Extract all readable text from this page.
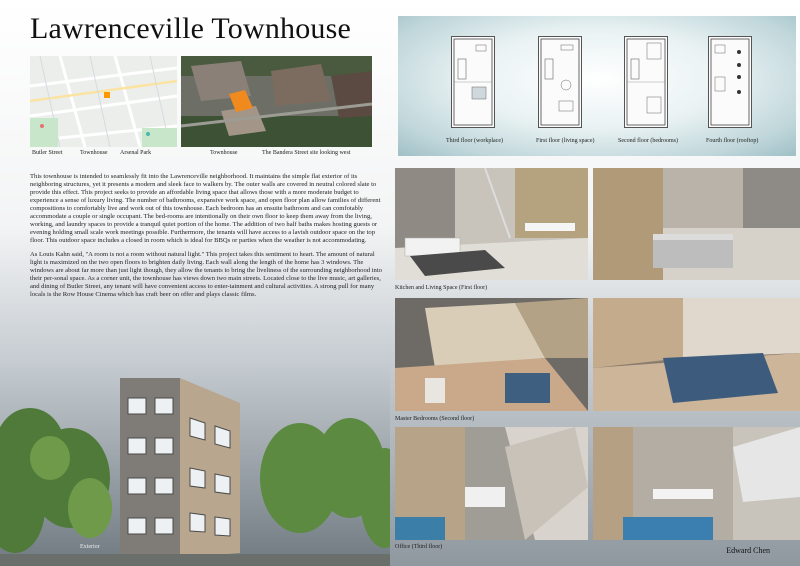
Lawrenceville Townhouse
Butler Street	Townhouse Arsenal Park	Townhouse	The Bandera Street site looking west
Third floor (workplace)	First floor (living space)	Second floor (bedrooms)	Fourth floor (rooftop)

This townhouse is intended to seamlessly fit into the Lawrenceville neighborhood. It maintains the simple flat exterior of its neighboring structures, yet it presents a modern and sleek face to walkers by. The outer walls are covered in neutral colored slate to provide this effect. This project seeks to provide an affordable living space that allows those with a more moderate budget to experience a sense of luxury living. The number of bathrooms, expansive work space, and open floor plan allow families of different compositions to comfortably live and work out of this townhouse. Each bedroom has an ensuite bathroom and can comfotably accommodate a couple or single occupant. The bed-rooms are intentionally on their own floor to keep them away from the living, working, and laundry spaces to provide a tranquil quiet portion of the home. The addition of two half baths makes hosting guests or evening holding small scale work meetings possible. Furthermore, the tenants will have access to a lavish outdoor space on the top floor. This outdoor space includes a closed in room which is ideal for BBQs or parties when the weather is not accommodating.

As Louis Kahn said, "A room is not a room without natural light." This project takes this sentiment to heart. The amount of natural light is maximized on the two open floors to brighten daily living. Each wall along the length of the home has 3 windows. The windows are about far more than just light though, they allow the tenants to bring the liveliness of the surrounding neighborhood into their per-sonal space. As a corner unit, the townhouse has views down two main streets. Located close to the live music, art galleries, and dining of Butler Street, any tenant will have convenient access to enter-tainment and cultural activities. A strong pull for many locals is the Row House Cinema which has craft beer on offer and plays classic films.

Exterior
Kitchen and Living Space (First floor)
Master Bedrooms (Second floor)
Office (Third floor)	Edward Chen
